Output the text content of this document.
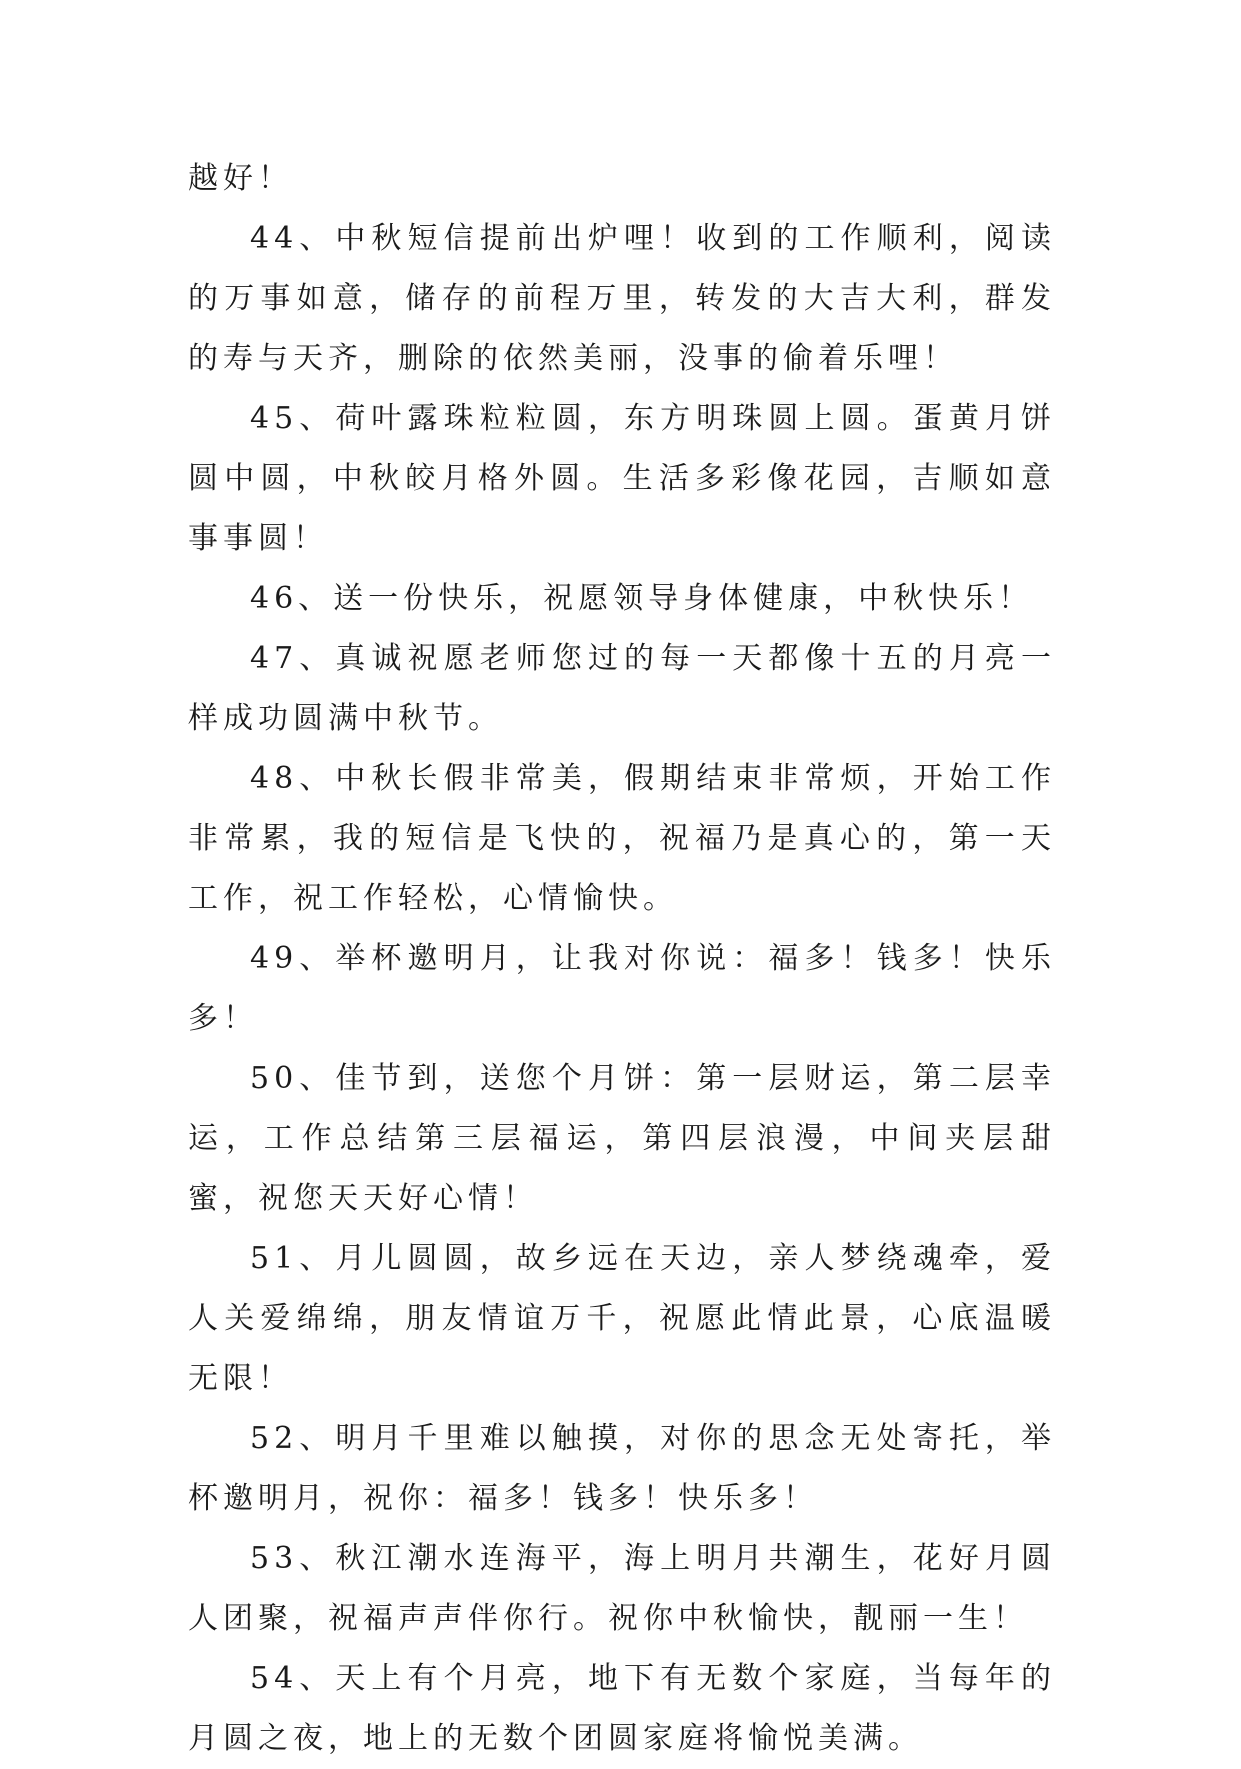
越好！

44、中秋短信提前出炉哩！收到的工作顺利，阅读的万事如意，储存的前程万里，转发的大吉大利，群发的寿与天齐，删除的依然美丽，没事的偷着乐哩！

45、荷叶露珠粒粒圆，东方明珠圆上圆。蛋黄月饼圆中圆，中秋皎月格外圆。生活多彩像花园，吉顺如意事事圆！

46、送一份快乐，祝愿领导身体健康，中秋快乐！

47、真诚祝愿老师您过的每一天都像十五的月亮一样成功圆满中秋节。

48、中秋长假非常美，假期结束非常烦，开始工作非常累，我的短信是飞快的，祝福乃是真心的，第一天工作，祝工作轻松，心情愉快。

49、举杯邀明月，让我对你说：福多！钱多！快乐多！

50、佳节到，送您个月饼：第一层财运，第二层幸运，工作总结第三层福运，第四层浪漫，中间夹层甜蜜，祝您天天好心情！

51、月儿圆圆，故乡远在天边，亲人梦绕魂牵，爱人关爱绵绵，朋友情谊万千，祝愿此情此景，心底温暖无限！

52、明月千里难以触摸，对你的思念无处寄托，举杯邀明月，祝你：福多！钱多！快乐多！

53、秋江潮水连海平，海上明月共潮生，花好月圆人团聚，祝福声声伴你行。祝你中秋愉快，靓丽一生！

54、天上有个月亮，地下有无数个家庭，当每年的月圆之夜，地上的无数个团圆家庭将愉悦美满。
